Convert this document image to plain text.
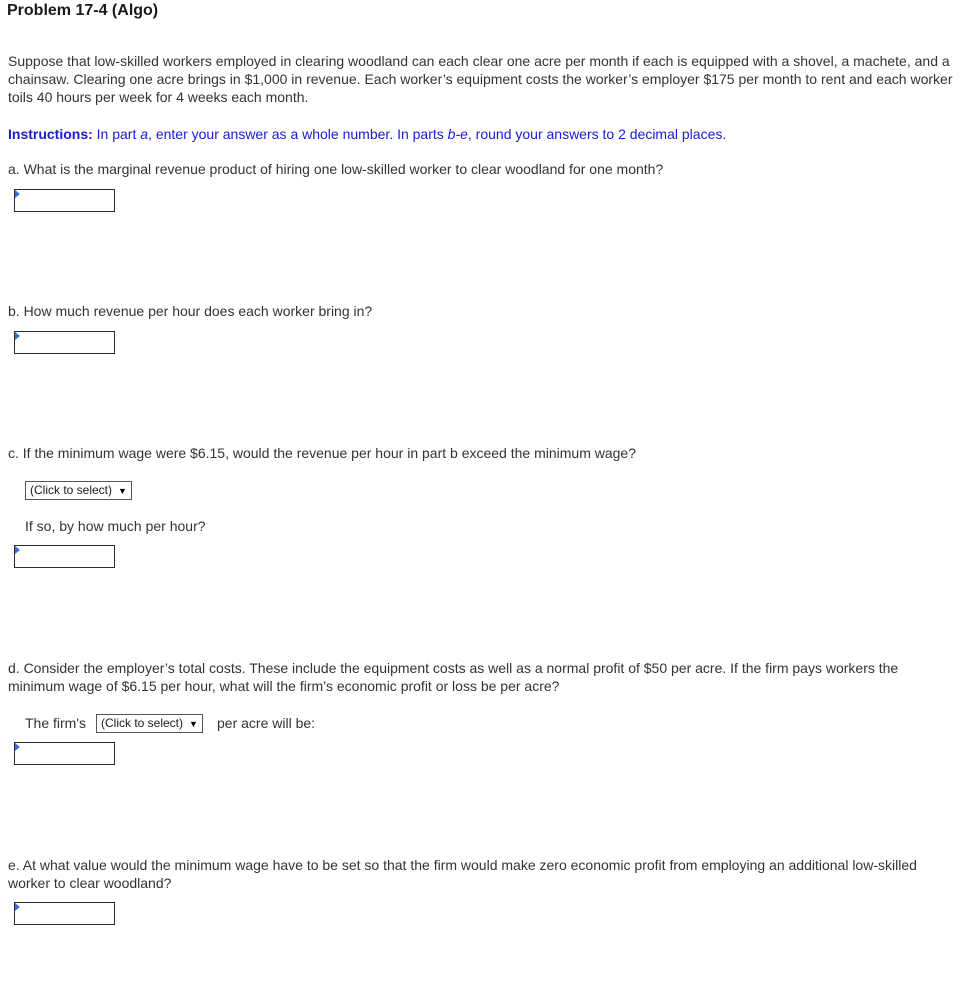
Problem 17-4 (Algo)

Suppose that low-skilled workers employed in clearing woodland can each clear one acre per month if each is equipped with a shovel, a machete, and a chainsaw. Clearing one acre brings in $1,000 in revenue. Each worker’s equipment costs the worker’s employer $175 per month to rent and each worker toils 40 hours per week for 4 weeks each month.

Instructions: In part a, enter your answer as a whole number. In parts b-e, round your answers to 2 decimal places.

a. What is the marginal revenue product of hiring one low-skilled worker to clear woodland for one month?

b. How much revenue per hour does each worker bring in?

c. If the minimum wage were $6.15, would the revenue per hour in part b exceed the minimum wage?

(Click to select) ▼

If so, by how much per hour?

d. Consider the employer’s total costs. These include the equipment costs as well as a normal profit of $50 per acre. If the firm pays workers the minimum wage of $6.15 per hour, what will the firm’s economic profit or loss be per acre?

The firm's	(Click to select) ▼	per acre will be:

e. At what value would the minimum wage have to be set so that the firm would make zero economic profit from employing an additional low-skilled worker to clear woodland?
